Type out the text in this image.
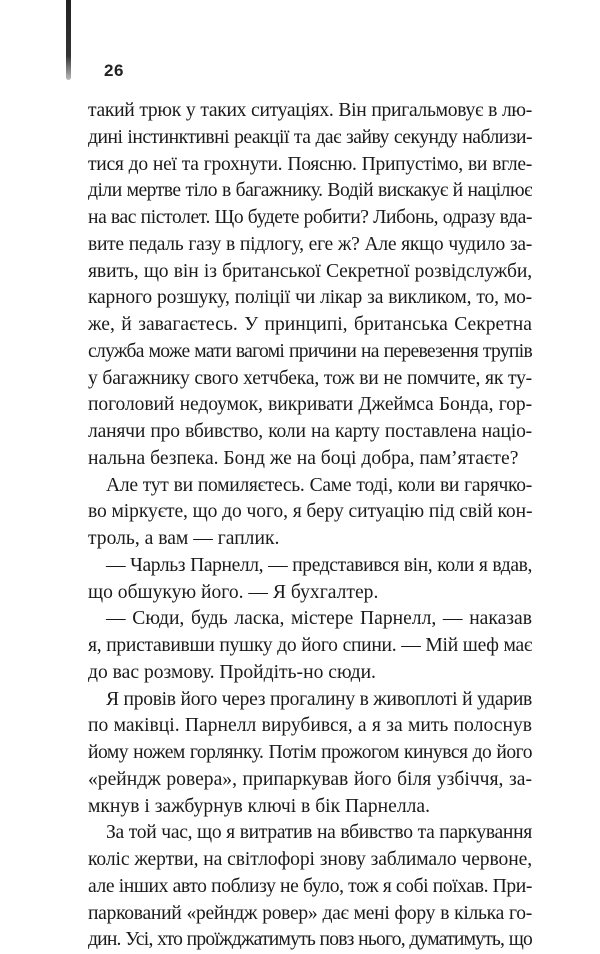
26
такий трюк у таких ситуаціях. Він пригальмовує в лю-
дині інстинктивні реакції та дає зайву секунду наблизи-
тися до неї та грохнути. Поясню. Припустімо, ви вгле-
діли мертве тіло в багажнику. Водій вискакує й націлює
на вас пістолет. Що будете робити? Либонь, одразу вда-
вите педаль газу в підлогу, еге ж? Але якщо чудило за-
явить, що він із британської Секретної розвідслужби,
карного розшуку, поліції чи лікар за викликом, то, мо-
же, й завагаєтесь. У принципі, британська Секретна
служба може мати вагомі причини на перевезення трупів
у багажнику свого хетчбека, тож ви не помчите, як ту-
поголовий недоумок, викривати Джеймса Бонда, гор-
ланячи про вбивство, коли на карту поставлена націо-
нальна безпека. Бонд же на боці добра, пам’ятаєте?
Але тут ви помиляєтесь. Саме тоді, коли ви гарячко-
во міркуєте, що до чого, я беру ситуацію під свій кон-
троль, а вам — гаплик.
— Чарльз Парнелл, — представився він, коли я вдав,
що обшукую його. — Я бухгалтер.
— Сюди, будь ласка, містере Парнелл, — наказав
я, приставивши пушку до його спини. — Мій шеф має
до вас розмову. Пройдіть-но сюди.
Я провів його через прогалину в живоплоті й ударив
по маківці. Парнелл вирубився, а я за мить полоснув
йому ножем горлянку. Потім прожогом кинувся до його
«рейндж ровера», припаркував його біля узбіччя, за-
мкнув і зажбурнув ключі в бік Парнелла.
За той час, що я витратив на вбивство та паркування
коліс жертви, на світлофорі знову заблимало червоне,
але інших авто поблизу не було, тож я собі поїхав. При-
паркований «рейндж ровер» дає мені фору в кілька го-
дин. Усі, хто проїжджатимуть повз нього, думатимуть, що
